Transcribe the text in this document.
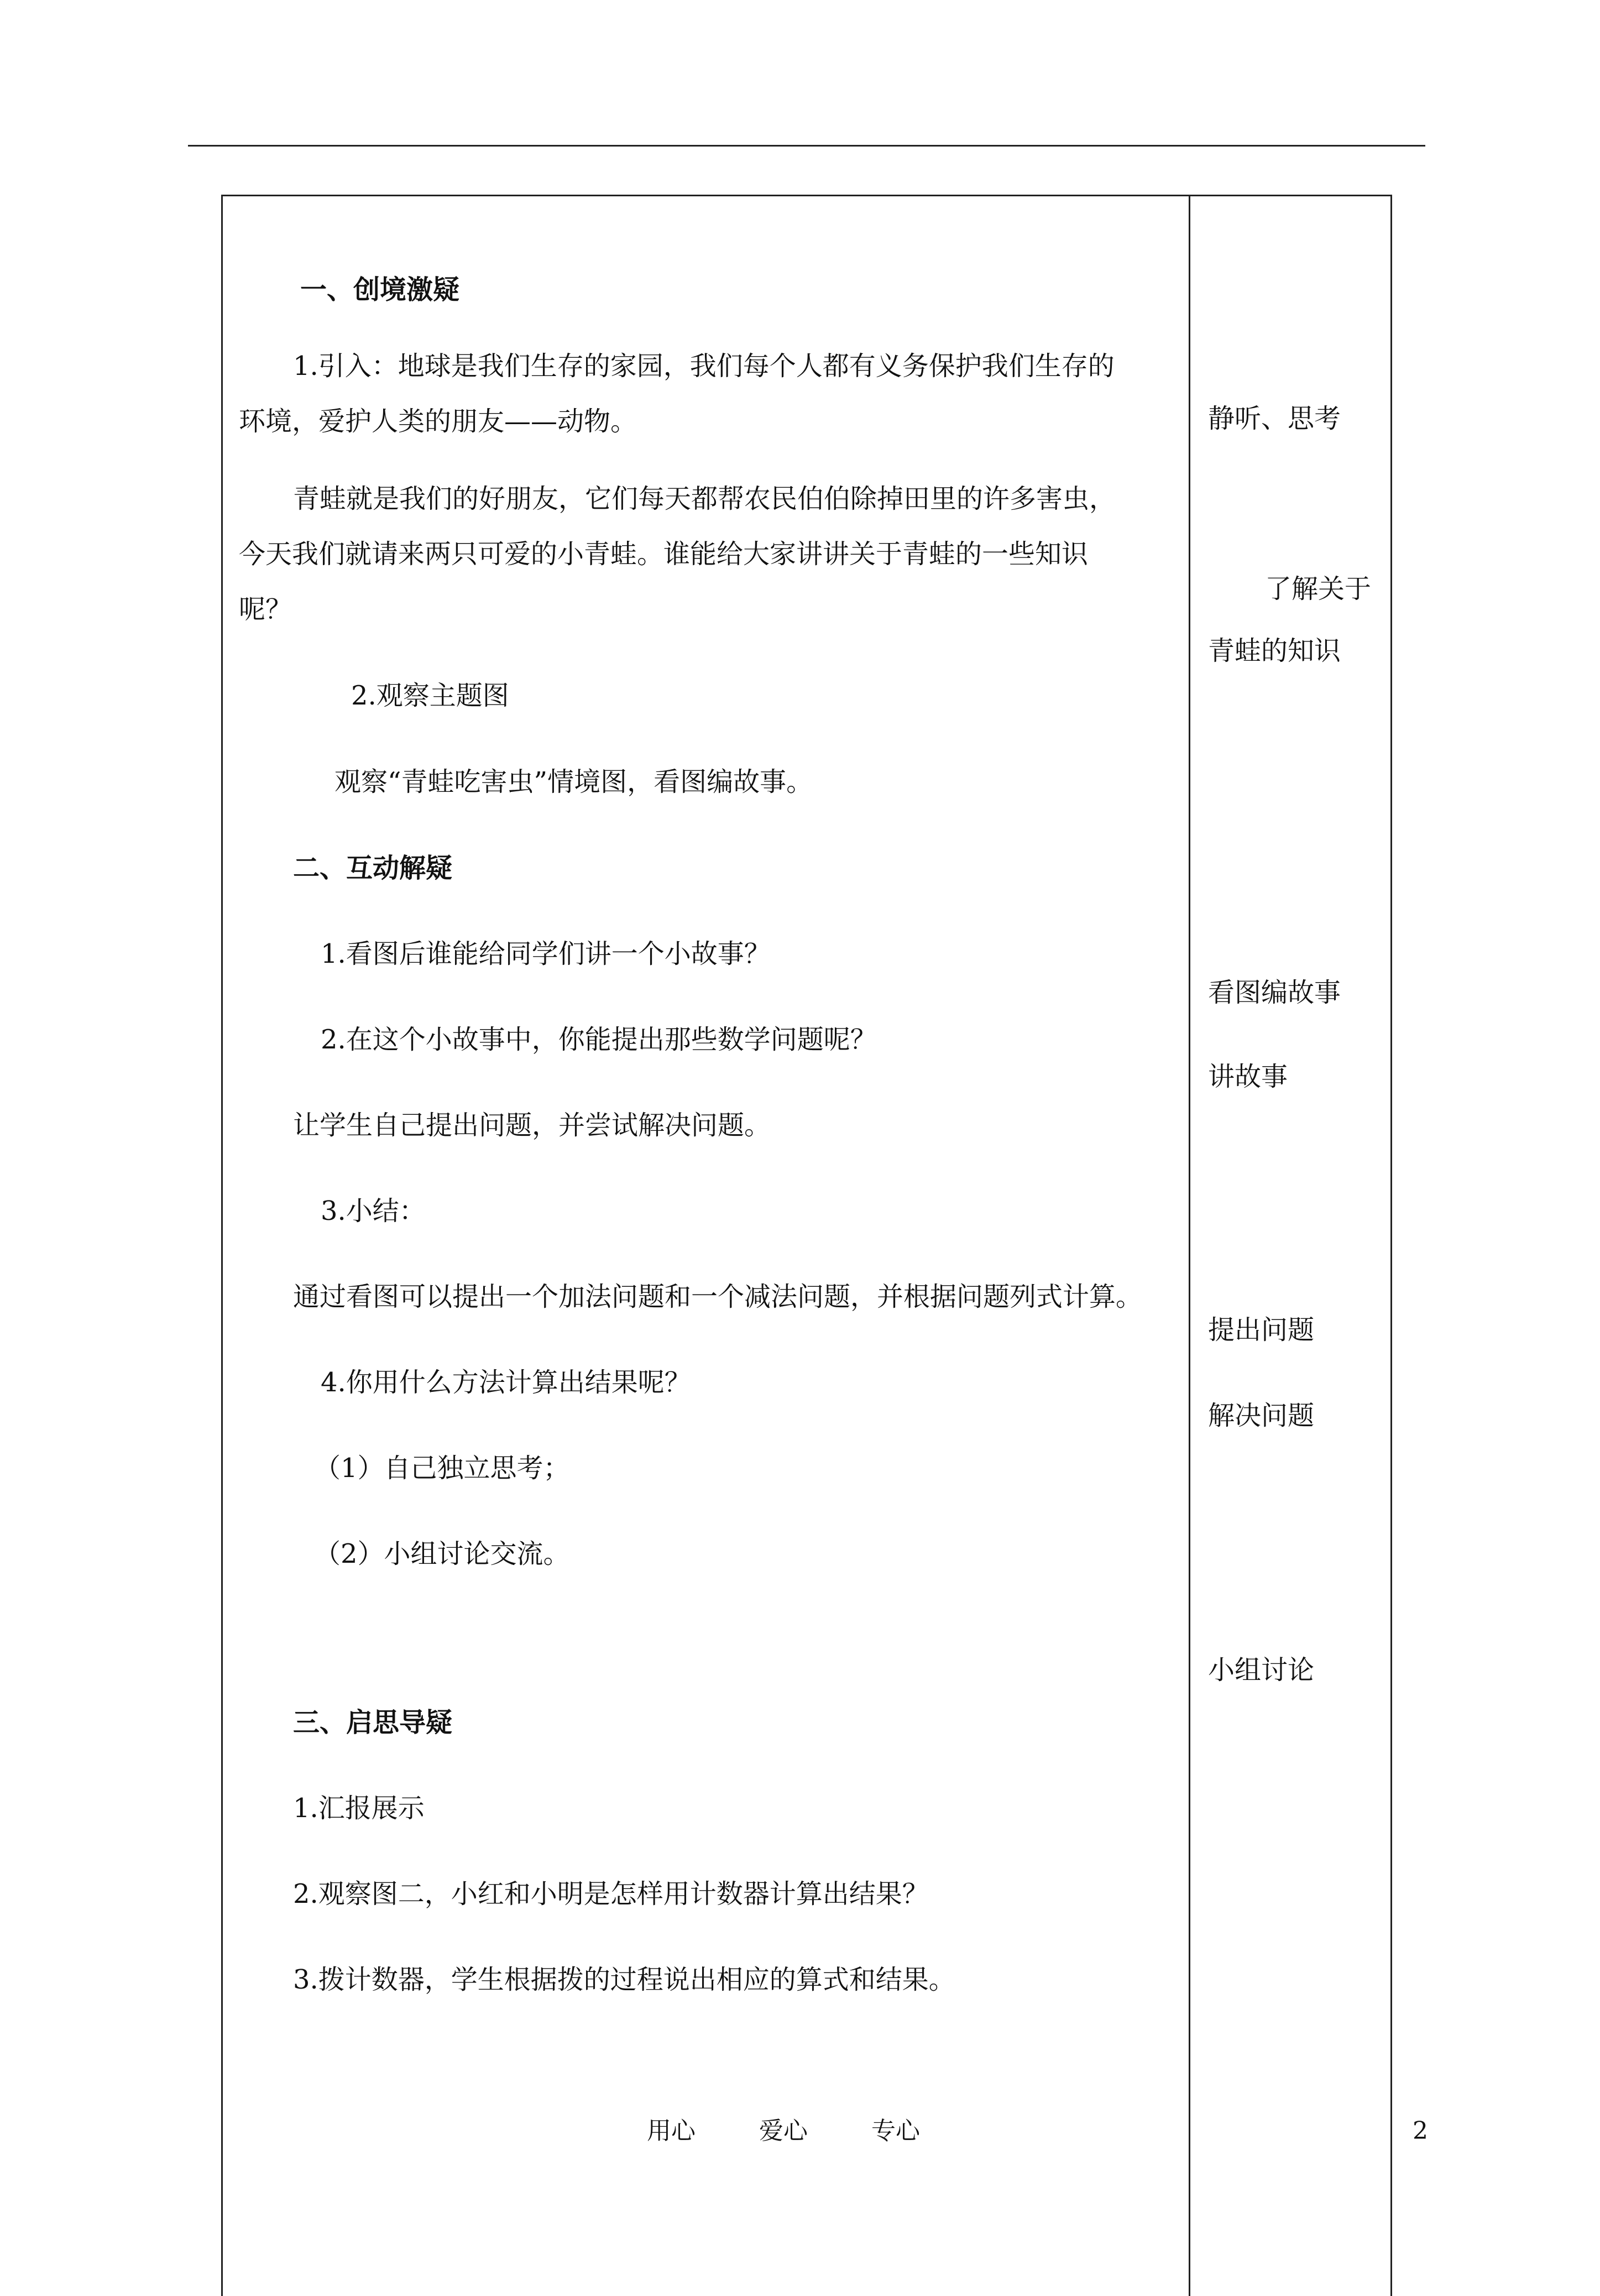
一、创境激疑
1.引入：地球是我们生存的家园，我们每个人都有义务保护我们生存的
环境，爱护人类的朋友——动物。
青蛙就是我们的好朋友，它们每天都帮农民伯伯除掉田里的许多害虫，
今天我们就请来两只可爱的小青蛙。谁能给大家讲讲关于青蛙的一些知识
呢？
2.观察主题图
观察“青蛙吃害虫”情境图，看图编故事。
二、互动解疑
1.看图后谁能给同学们讲一个小故事？
2.在这个小故事中，你能提出那些数学问题呢？
让学生自己提出问题，并尝试解决问题。
3.小结：
通过看图可以提出一个加法问题和一个减法问题，并根据问题列式计算。
4.你用什么方法计算出结果呢？
（1）自己独立思考；
（2）小组讨论交流。
三、启思导疑
1.汇报展示
2.观察图二，小红和小明是怎样用计数器计算出结果？
3.拨计数器，学生根据拨的过程说出相应的算式和结果。
静听、思考
了解关于
青蛙的知识
看图编故事
讲故事
提出问题
解决问题
小组讨论
用心	爱心	专心	2
